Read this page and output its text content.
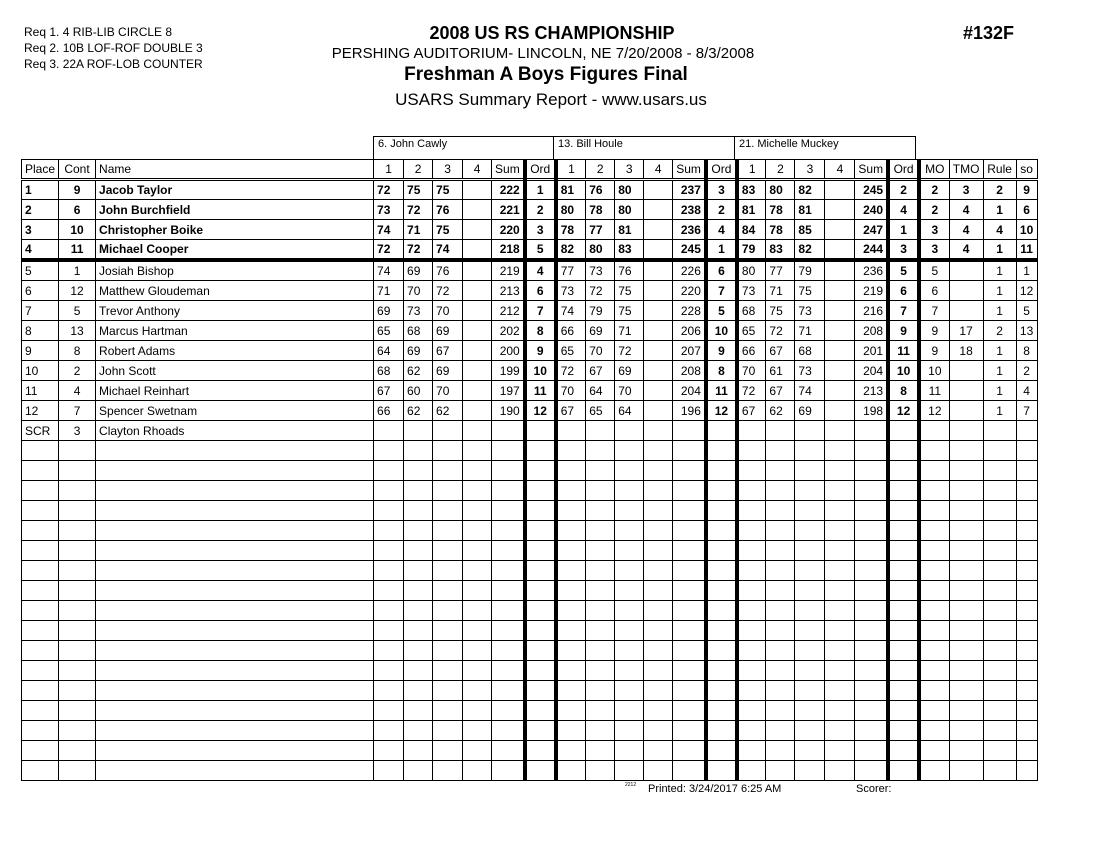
Req 1. 4 RIB-LIB CIRCLE 8
Req 2. 10B LOF-ROF DOUBLE 3
Req 3. 22A ROF-LOB COUNTER
2008 US RS CHAMPIONSHIP
PERSHING AUDITORIUM- LINCOLN, NE 7/20/2008 - 8/3/2008
Freshman A Boys Figures Final
USARS Summary Report - www.usars.us
#132F
6. John Cawly	13. Bill Houle	21. Michelle Muckey
Place	Cont	Name	1	2	3	4	Sum	Ord	1	2	3	4	Sum	Ord	1	2	3	4	Sum	Ord	MO	TMO	Rule	so
1	9	Jacob Taylor	72	75	75		222	1	81	76	80		237	3	83	80	82		245	2	2	3	2	9
2	6	John Burchfield	73	72	76		221	2	80	78	80		238	2	81	78	81		240	4	2	4	1	6
3	10	Christopher Boike	74	71	75		220	3	78	77	81		236	4	84	78	85		247	1	3	4	4	10
4	11	Michael Cooper	72	72	74		218	5	82	80	83		245	1	79	83	82		244	3	3	4	1	11
5	1	Josiah Bishop	74	69	76		219	4	77	73	76		226	6	80	77	79		236	5	5		1	1
6	12	Matthew Gloudeman	71	70	72		213	6	73	72	75		220	7	73	71	75		219	6	6		1	12
7	5	Trevor Anthony	69	73	70		212	7	74	79	75		228	5	68	75	73		216	7	7		1	5
8	13	Marcus Hartman	65	68	69		202	8	66	69	71		206	10	65	72	71		208	9	9	17	2	13
9	8	Robert Adams	64	69	67		200	9	65	70	72		207	9	66	67	68		201	11	9	18	1	8
10	2	John Scott	68	62	69		199	10	72	67	69		208	8	70	61	73		204	10	10		1	2
11	4	Michael Reinhart	67	60	70		197	11	70	64	70		204	11	72	67	74		213	8	11		1	4
12	7	Spencer Swetnam	66	62	62		190	12	67	65	64		196	12	67	62	69		198	12	12		1	7
SCR	3	Clayton Rhoads																						

2212 Printed: 3/24/2017 6:25 AM	Scorer:
